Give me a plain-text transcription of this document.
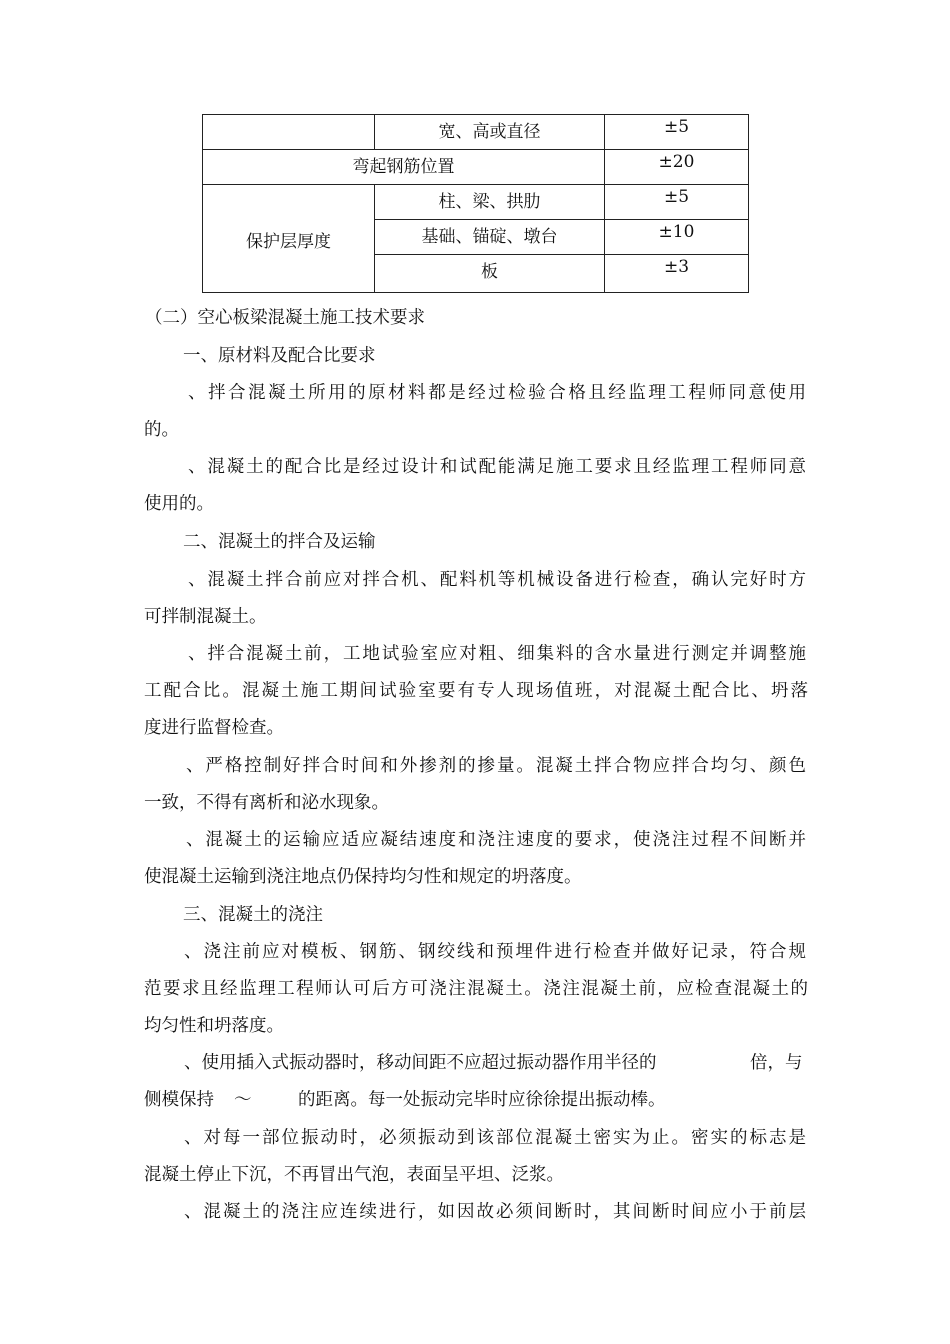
	宽、高或直径	±5
弯起钢筋位置		±20
保护层厚度	柱、梁、拱肋	±5
	基础、锚碇、墩台	±10
	板	±3
（二）空心板梁混凝土施工技术要求
一、原材料及配合比要求
、拌合混凝土所用的原材料都是经过检验合格且经监理工程师同意使用
的。
、混凝土的配合比是经过设计和试配能满足施工要求且经监理工程师同意
使用的。
二、混凝土的拌合及运输
、混凝土拌合前应对拌合机、配料机等机械设备进行检查，确认完好时方
可拌制混凝土。
、拌合混凝土前，工地试验室应对粗、细集料的含水量进行测定并调整施
工配合比。混凝土施工期间试验室要有专人现场值班，对混凝土配合比、坍落
度进行监督检查。
、严格控制好拌合时间和外掺剂的掺量。混凝土拌合物应拌合均匀、颜色
一致，不得有离析和泌水现象。
、混凝土的运输应适应凝结速度和浇注速度的要求，使浇注过程不间断并
使混凝土运输到浇注地点仍保持均匀性和规定的坍落度。
三、混凝土的浇注
、浇注前应对模板、钢筋、钢绞线和预埋件进行检查并做好记录，符合规
范要求且经监理工程师认可后方可浇注混凝土。浇注混凝土前，应检查混凝土的
均匀性和坍落度。
、使用插入式振动器时，移动间距不应超过振动器作用半径的	倍，与
侧模保持 ～	的距离。每一处振动完毕时应徐徐提出振动棒。
、对每一部位振动时，必须振动到该部位混凝土密实为止。密实的标志是
混凝土停止下沉，不再冒出气泡，表面呈平坦、泛浆。
、混凝土的浇注应连续进行，如因故必须间断时，其间断时间应小于前层
